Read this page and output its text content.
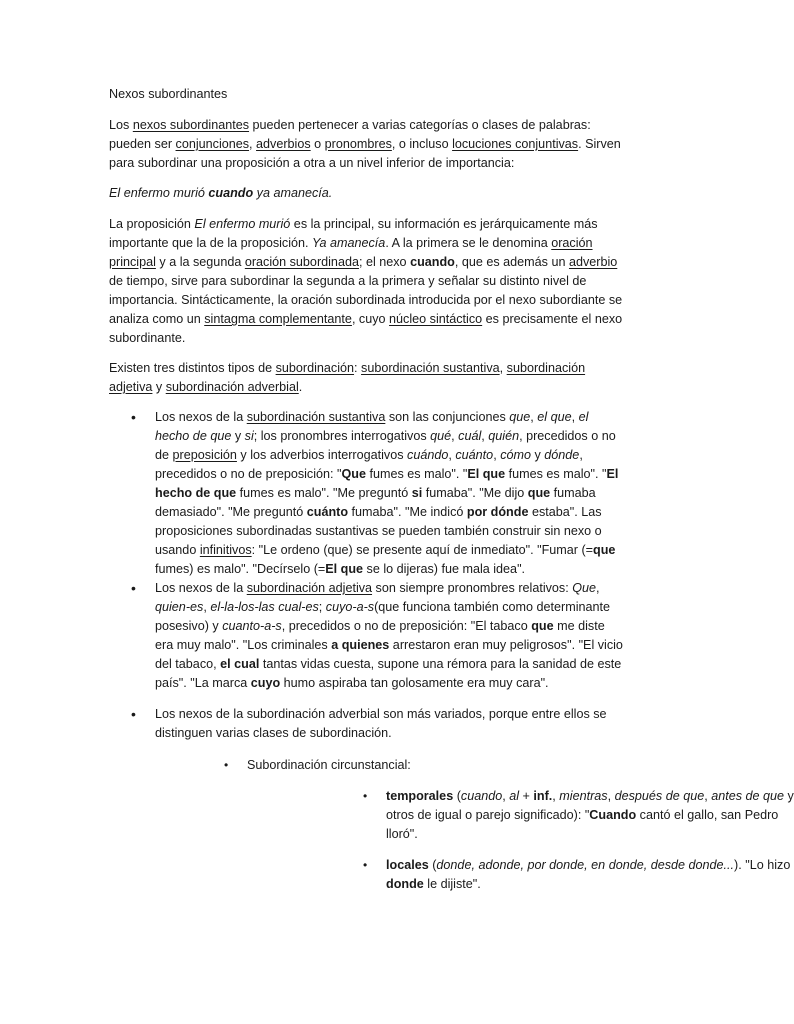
Nexos subordinantes

Los nexos subordinantes pueden pertenecer a varias categorías o clases de palabras: pueden ser conjunciones, adverbios o pronombres, o incluso locuciones conjuntivas. Sirven para subordinar una proposición a otra a un nivel inferior de importancia:

El enfermo murió cuando ya amanecía.

La proposición El enfermo murió es la principal, su información es jerárquicamente más importante que la de la proposición. Ya amanecía. A la primera se le denomina oración principal y a la segunda oración subordinada; el nexo cuando, que es además un adverbio de tiempo, sirve para subordinar la segunda a la primera y señalar su distinto nivel de importancia. Sintácticamente, la oración subordinada introducida por el nexo subordiante se analiza como un sintagma complementante, cuyo núcleo sintáctico es precisamente el nexo subordinante.

Existen tres distintos tipos de subordinación: subordinación sustantiva, subordinación adjetiva y subordinación adverbial.

• Los nexos de la subordinación sustantiva son las conjunciones que, el que, el hecho de que y si; los pronombres interrogativos qué, cuál, quién, precedidos o no de preposición y los adverbios interrogativos cuándo, cuánto, cómo y dónde, precedidos o no de preposición: "Que fumes es malo". "El que fumes es malo". "El hecho de que fumes es malo". "Me preguntó si fumaba". "Me dijo que fumaba demasiado". "Me preguntó cuánto fumaba". "Me indicó por dónde estaba". Las proposiciones subordinadas sustantivas se pueden también construir sin nexo o usando infinitivos: "Le ordeno (que) se presente aquí de inmediato". "Fumar (=que fumes) es malo". "Decírselo (=El que se lo dijeras) fue mala idea".
• Los nexos de la subordinación adjetiva son siempre pronombres relativos: Que, quien-es, el-la-los-las cual-es; cuyo-a-s(que funciona también como determinante posesivo) y cuanto-a-s, precedidos o no de preposición: "El tabaco que me diste era muy malo". "Los criminales a quienes arrestaron eran muy peligrosos". "El vicio del tabaco, el cual tantas vidas cuesta, supone una rémora para la sanidad de este país". "La marca cuyo humo aspiraba tan golosamente era muy cara".
• Los nexos de la subordinación adverbial son más variados, porque entre ellos se distinguen varias clases de subordinación.
• Subordinación circunstancial:
• temporales (cuando, al + inf., mientras, después de que, antes de que y otros de igual o parejo significado): "Cuando cantó el gallo, san Pedro lloró".
• locales (donde, adonde, por donde, en donde, desde donde...). "Lo hizo donde le dijiste".
